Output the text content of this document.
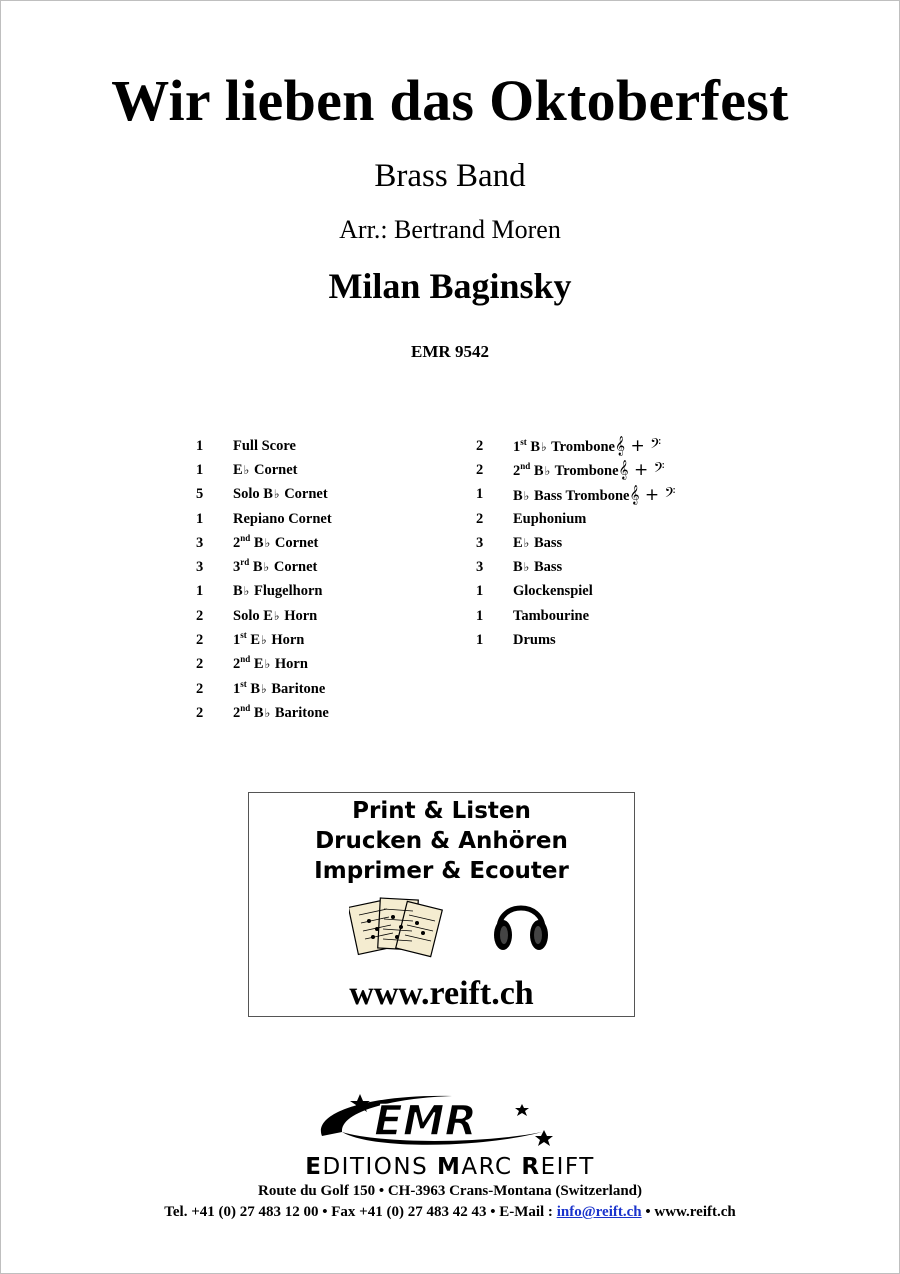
Wir lieben das Oktoberfest
Brass Band
Arr.: Bertrand Moren
Milan Baginsky
EMR 9542
1	Full Score
1	E♭ Cornet
5	Solo B♭ Cornet
1	Repiano Cornet
3	2nd B♭ Cornet
3	3rd B♭ Cornet
1	B♭ Flugelhorn
2	Solo E♭ Horn
2	1st E♭ Horn
2	2nd E♭ Horn
2	1st B♭ Baritone
2	2nd B♭ Baritone
2	1st B♭ Trombone𝄞 + 𝄢
2	2nd B♭ Trombone𝄞 + 𝄢
1	B♭ Bass Trombone𝄞 + 𝄢
2	Euphonium
3	E♭ Bass
3	B♭ Bass
1	Glockenspiel
1	Tambourine
1	Drums
Print & Listen
Drucken & Anhören
Imprimer & Ecouter
www.reift.ch
EMR
EDITIONS MARC REIFT
Route du Golf 150 • CH-3963 Crans-Montana (Switzerland)
Tel. +41 (0) 27 483 12 00 • Fax +41 (0) 27 483 42 43 • E-Mail : info@reift.ch • www.reift.ch
